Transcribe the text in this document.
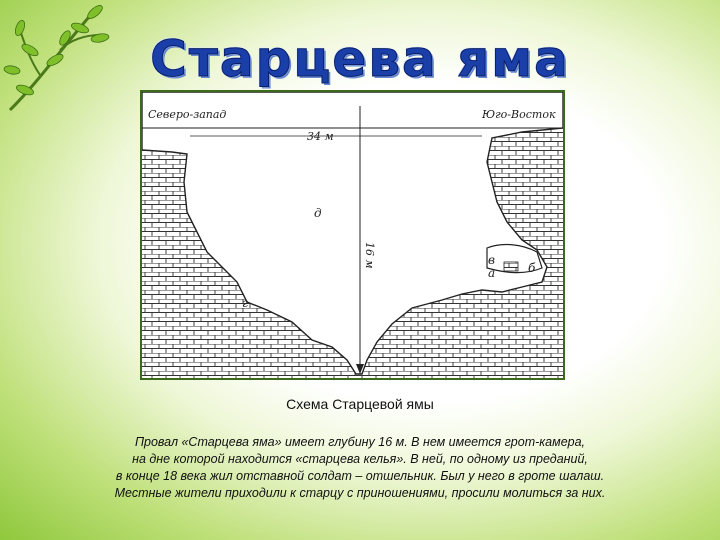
Старцева яма
Северо-запад	Юго-Восток
34 м
16 м
д
г
в
а	б
Схема Старцевой ямы
Провал «Старцева яма» имеет глубину 16 м. В нем имеется грот-камера,
на дне которой находится «старцева келья». В ней, по одному из преданий,
в конце 18 века жил отставной солдат – отшельник. Был у него в гроте шалаш.
Местные жители приходили к старцу с приношениями, просили молиться за них.
